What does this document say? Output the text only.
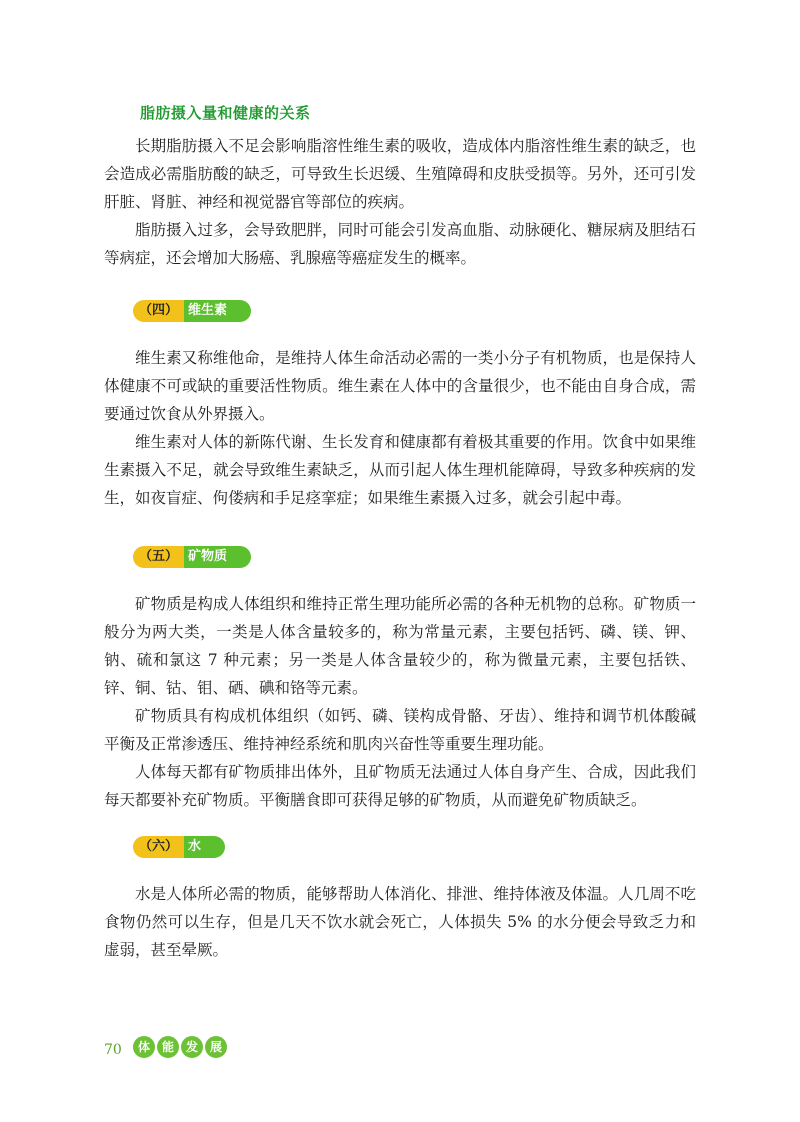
脂肪摄入量和健康的关系

长期脂肪摄入不足会影响脂溶性维生素的吸收，造成体内脂溶性维生素的缺乏，也会造成必需脂肪酸的缺乏，可导致生长迟缓、生殖障碍和皮肤受损等。另外，还可引发肝脏、肾脏、神经和视觉器官等部位的疾病。

脂肪摄入过多，会导致肥胖，同时可能会引发高血脂、动脉硬化、糖尿病及胆结石等病症，还会增加大肠癌、乳腺癌等癌症发生的概率。

（四） 维生素

维生素又称维他命，是维持人体生命活动必需的一类小分子有机物质，也是保持人体健康不可或缺的重要活性物质。维生素在人体中的含量很少，也不能由自身合成，需要通过饮食从外界摄入。

维生素对人体的新陈代谢、生长发育和健康都有着极其重要的作用。饮食中如果维生素摄入不足，就会导致维生素缺乏，从而引起人体生理机能障碍，导致多种疾病的发生，如夜盲症、佝偻病和手足痉挛症；如果维生素摄入过多，就会引起中毒。

（五） 矿物质

矿物质是构成人体组织和维持正常生理功能所必需的各种无机物的总称。矿物质一般分为两大类，一类是人体含量较多的，称为常量元素，主要包括钙、磷、镁、钾、钠、硫和氯这 7 种元素；另一类是人体含量较少的，称为微量元素，主要包括铁、锌、铜、钴、钼、硒、碘和铬等元素。

矿物质具有构成机体组织（如钙、磷、镁构成骨骼、牙齿）、维持和调节机体酸碱平衡及正常渗透压、维持神经系统和肌肉兴奋性等重要生理功能。

人体每天都有矿物质排出体外，且矿物质无法通过人体自身产生、合成，因此我们每天都要补充矿物质。平衡膳食即可获得足够的矿物质，从而避免矿物质缺乏。

（六） 水

水是人体所必需的物质，能够帮助人体消化、排泄、维持体液及体温。人几周不吃食物仍然可以生存，但是几天不饮水就会死亡，人体损失 5% 的水分便会导致乏力和虚弱，甚至晕厥。

70	体 能 发 展
